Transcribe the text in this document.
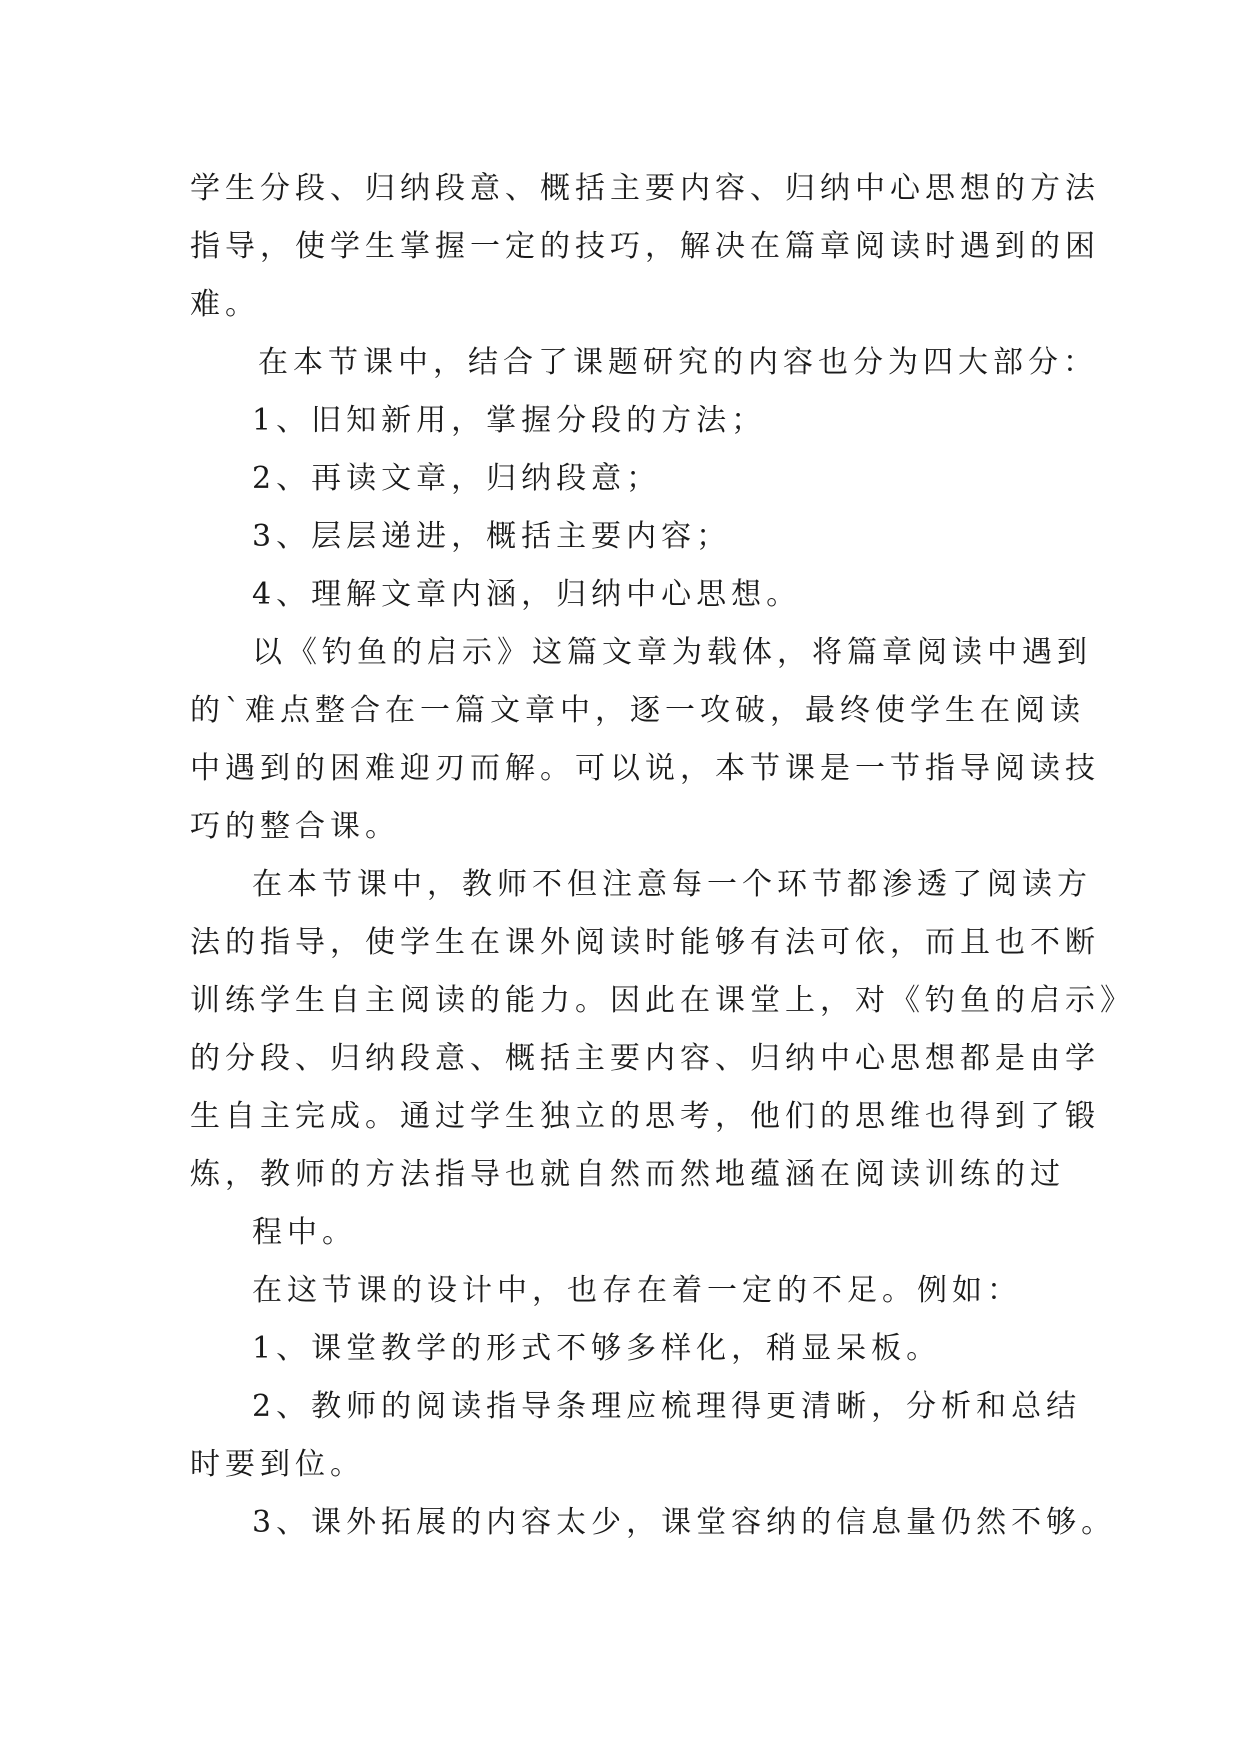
学生分段、归纳段意、概括主要内容、归纳中心思想的方法
指导，使学生掌握一定的技巧，解决在篇章阅读时遇到的困
难。
在本节课中，结合了课题研究的内容也分为四大部分：
1、旧知新用，掌握分段的方法；
2、再读文章，归纳段意；
3、层层递进，概括主要内容；
4、理解文章内涵，归纳中心思想。
以《钓鱼的启示》这篇文章为载体，将篇章阅读中遇到
的`难点整合在一篇文章中，逐一攻破，最终使学生在阅读
中遇到的困难迎刃而解。可以说，本节课是一节指导阅读技
巧的整合课。
在本节课中，教师不但注意每一个环节都渗透了阅读方
法的指导，使学生在课外阅读时能够有法可依，而且也不断
训练学生自主阅读的能力。因此在课堂上，对《钓鱼的启示》
的分段、归纳段意、概括主要内容、归纳中心思想都是由学
生自主完成。通过学生独立的思考，他们的思维也得到了锻
炼，教师的方法指导也就自然而然地蕴涵在阅读训练的过
程中。
在这节课的设计中，也存在着一定的不足。例如：
1、课堂教学的形式不够多样化，稍显呆板。
2、教师的阅读指导条理应梳理得更清晰，分析和总结
时要到位。
3、课外拓展的内容太少，课堂容纳的信息量仍然不够。
